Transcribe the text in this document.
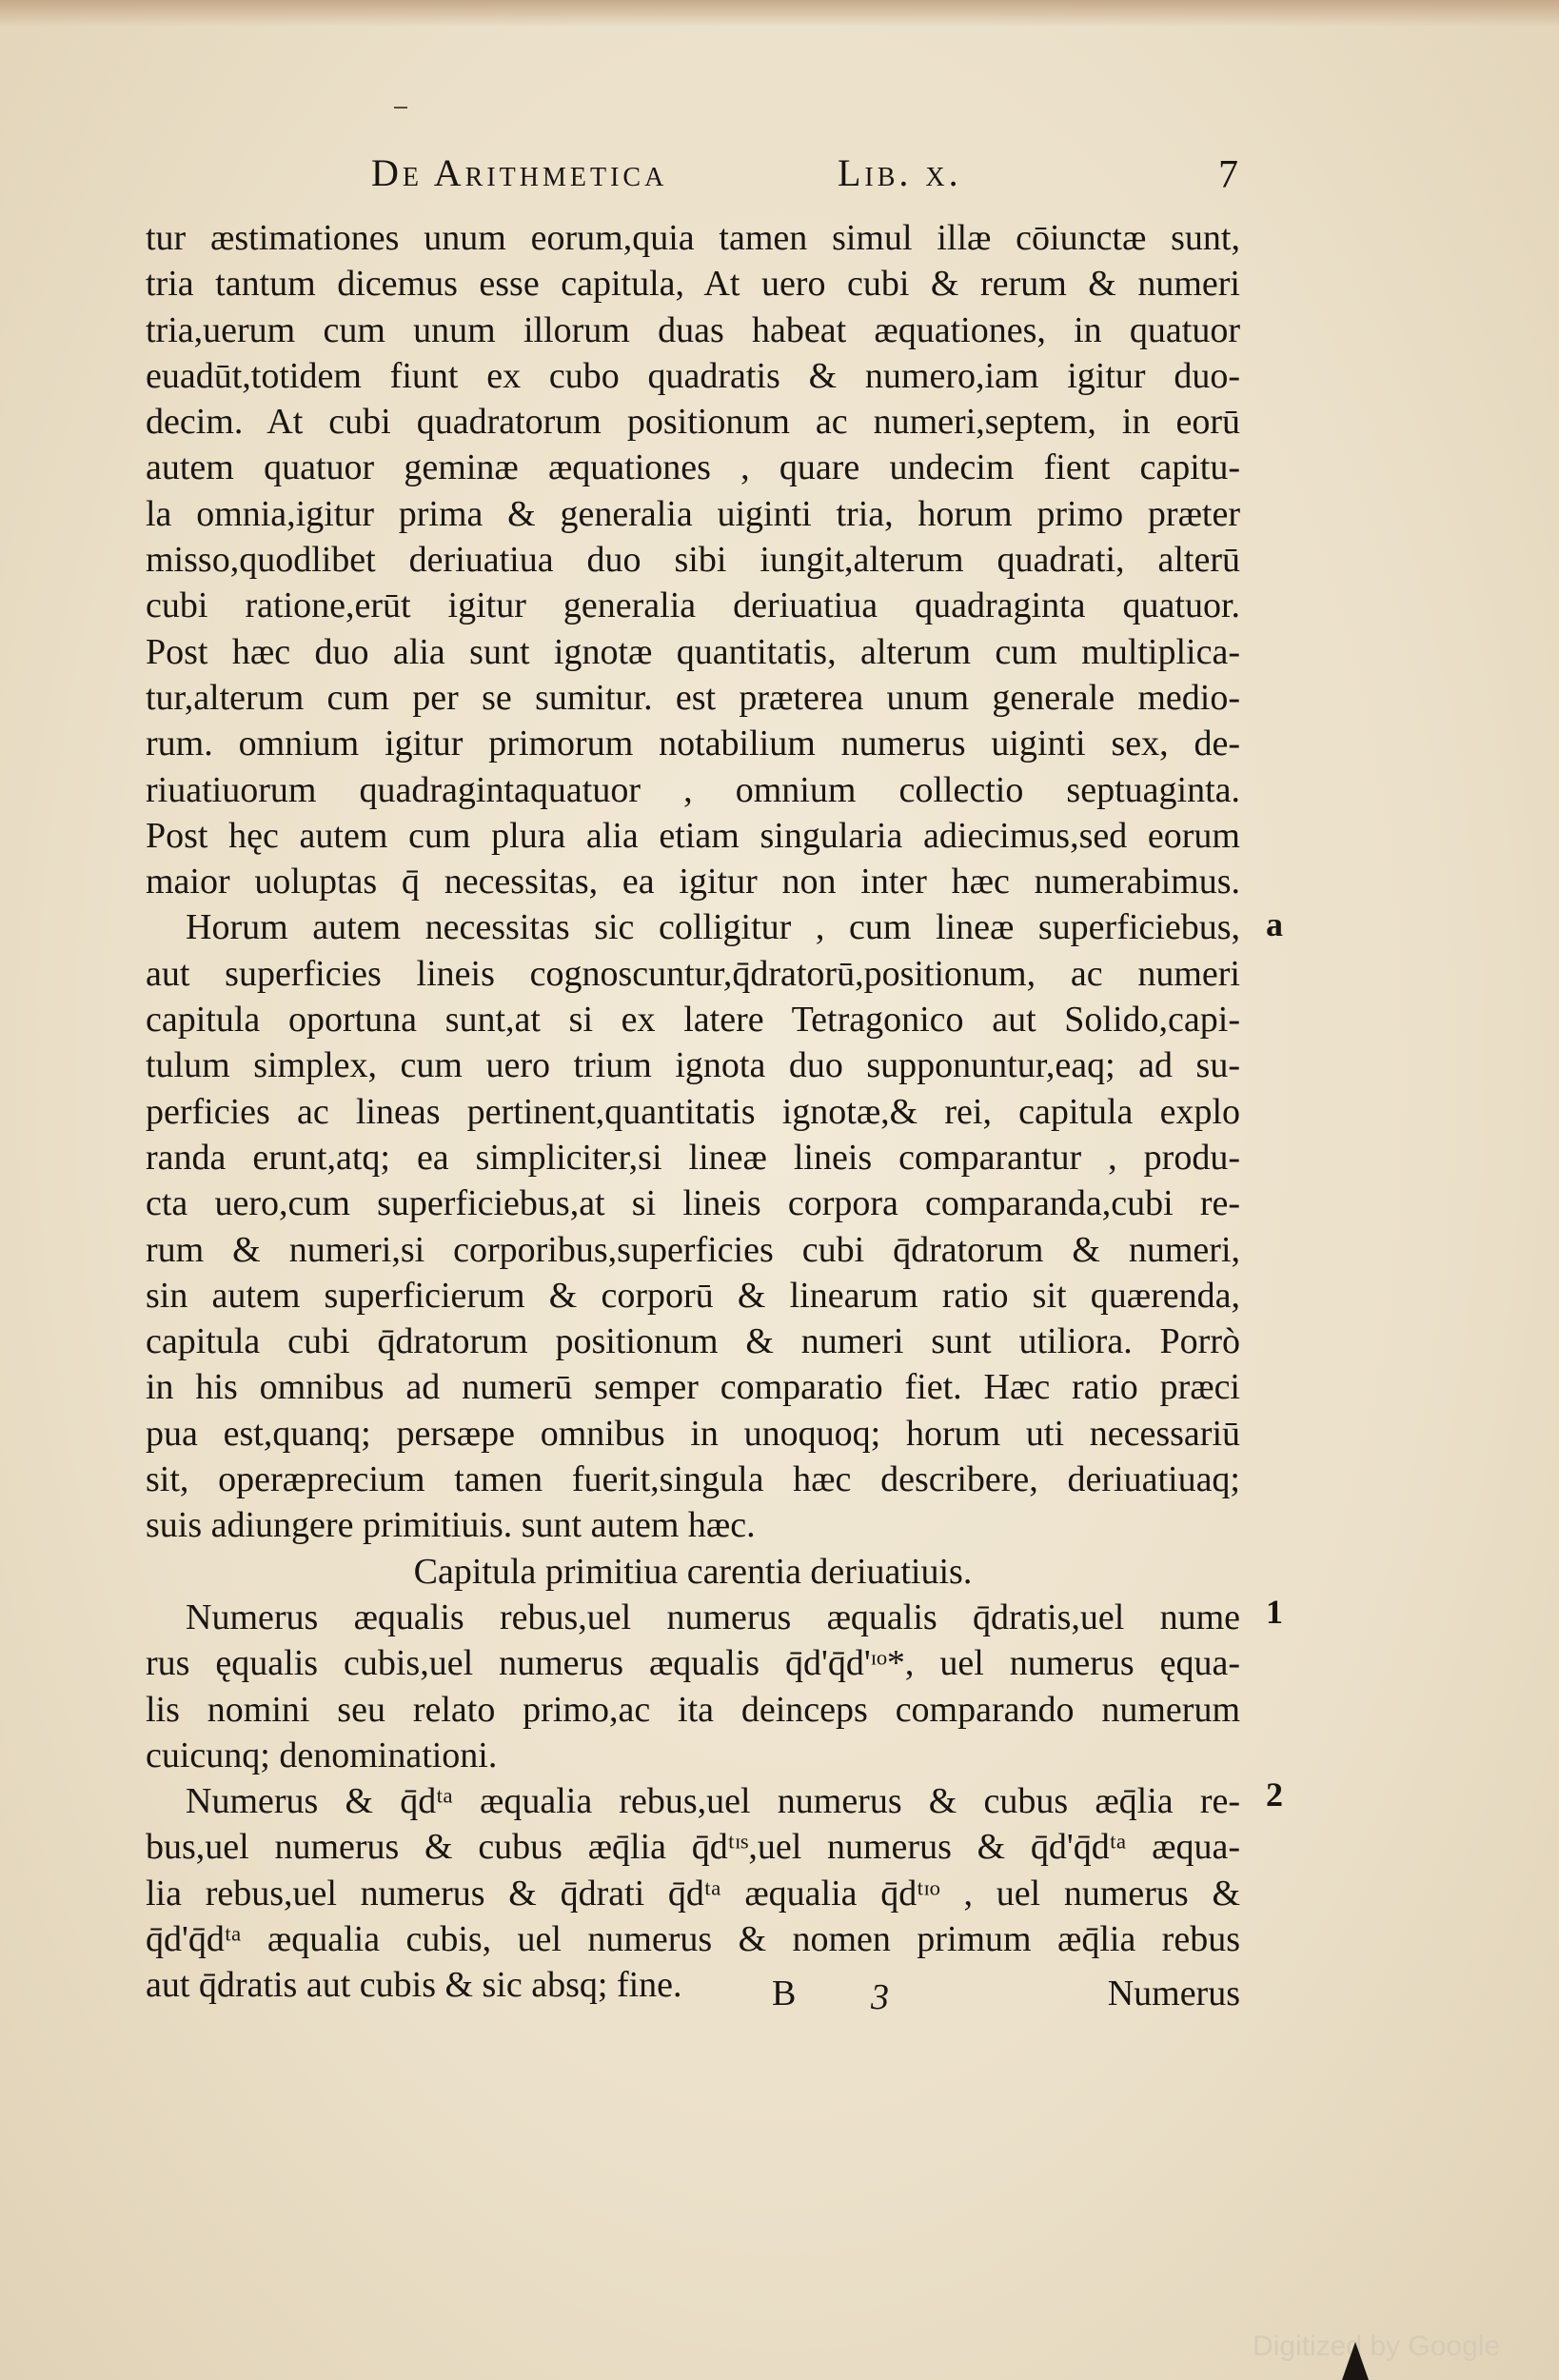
De Arithmetica	Lib. x.	7
tur æstimationes unum eorum,quia tamen simul illæ cōiunctæ sunt,
tria tantum dicemus esse capitula, At uero cubi & rerum & numeri
tria,uerum cum unum illorum duas habeat æquationes, in quatuor
euadūt,totidem fiunt ex cubo quadratis & numero,iam igitur duo-
decim. At cubi quadratorum positionum ac numeri,septem, in eorū
autem quatuor geminæ æquationes , quare undecim fient capitu-
la omnia,igitur prima & generalia uiginti tria, horum primo præter
misso,quodlibet deriuatiua duo sibi iungit,alterum quadrati, alterū
cubi ratione,erūt igitur generalia deriuatiua quadraginta quatuor.
Post hæc duo alia sunt ignotæ quantitatis, alterum cum multiplica-
tur,alterum cum per se sumitur. est præterea unum generale medio-
rum. omnium igitur primorum notabilium numerus uiginti sex, de-
riuatiuorum quadragintaquatuor , omnium collectio septuaginta.
Post hęc autem cum plura alia etiam singularia adiecimus,sed eorum
maior uoluptas q̄ necessitas, ea igitur non inter hæc numerabimus.
Horum autem necessitas sic colligitur , cum lineæ superficiebus,
aut superficies lineis cognoscuntur,q̄dratorū,positionum, ac numeri
capitula oportuna sunt,at si ex latere Tetragonico aut Solido,capi-
tulum simplex, cum uero trium ignota duo supponuntur,eaq; ad su-
perficies ac lineas pertinent,quantitatis ignotæ,& rei, capitula explo
randa erunt,atq; ea simpliciter,si lineæ lineis comparantur , produ-
cta uero,cum superficiebus,at si lineis corpora comparanda,cubi re-
rum & numeri,si corporibus,superficies cubi q̄dratorum & numeri,
sin autem superficierum & corporū & linearum ratio sit quærenda,
capitula cubi q̄dratorum positionum & numeri sunt utiliora. Porrò
in his omnibus ad numerū semper comparatio fiet. Hæc ratio præci
pua est,quanq; persæpe omnibus in unoquoq; horum uti necessariū
sit, operæprecium tamen fuerit,singula hæc describere, deriuatiuaq;
suis adiungere primitiuis. sunt autem hæc.
Capitula primitiua carentia deriuatiuis.
Numerus æqualis rebus,uel numerus æqualis q̄dratis,uel nume
rus ęqualis cubis,uel numerus æqualis q̄d'q̄d'ᶦᵒ*, uel numerus ęqua-
lis nomini seu relato primo,ac ita deinceps comparando numerum
cuicunq; denominationi.
Numerus & q̄dᵗᵃ æqualia rebus,uel numerus & cubus æq̄lia re-
bus,uel numerus & cubus æq̄lia q̄dᵗᶦˢ,uel numerus & q̄d'q̄dᵗᵃ æqua-
lia rebus,uel numerus & q̄drati q̄dᵗᵃ æqualia q̄dᵗᶦᵒ , uel numerus &
q̄d'q̄dᵗᵃ æqualia cubis, uel numerus & nomen primum æq̄lia rebus
aut q̄dratis aut cubis & sic absq; fine.
a
1
2
B 3	Numerus
Digitized by Google
